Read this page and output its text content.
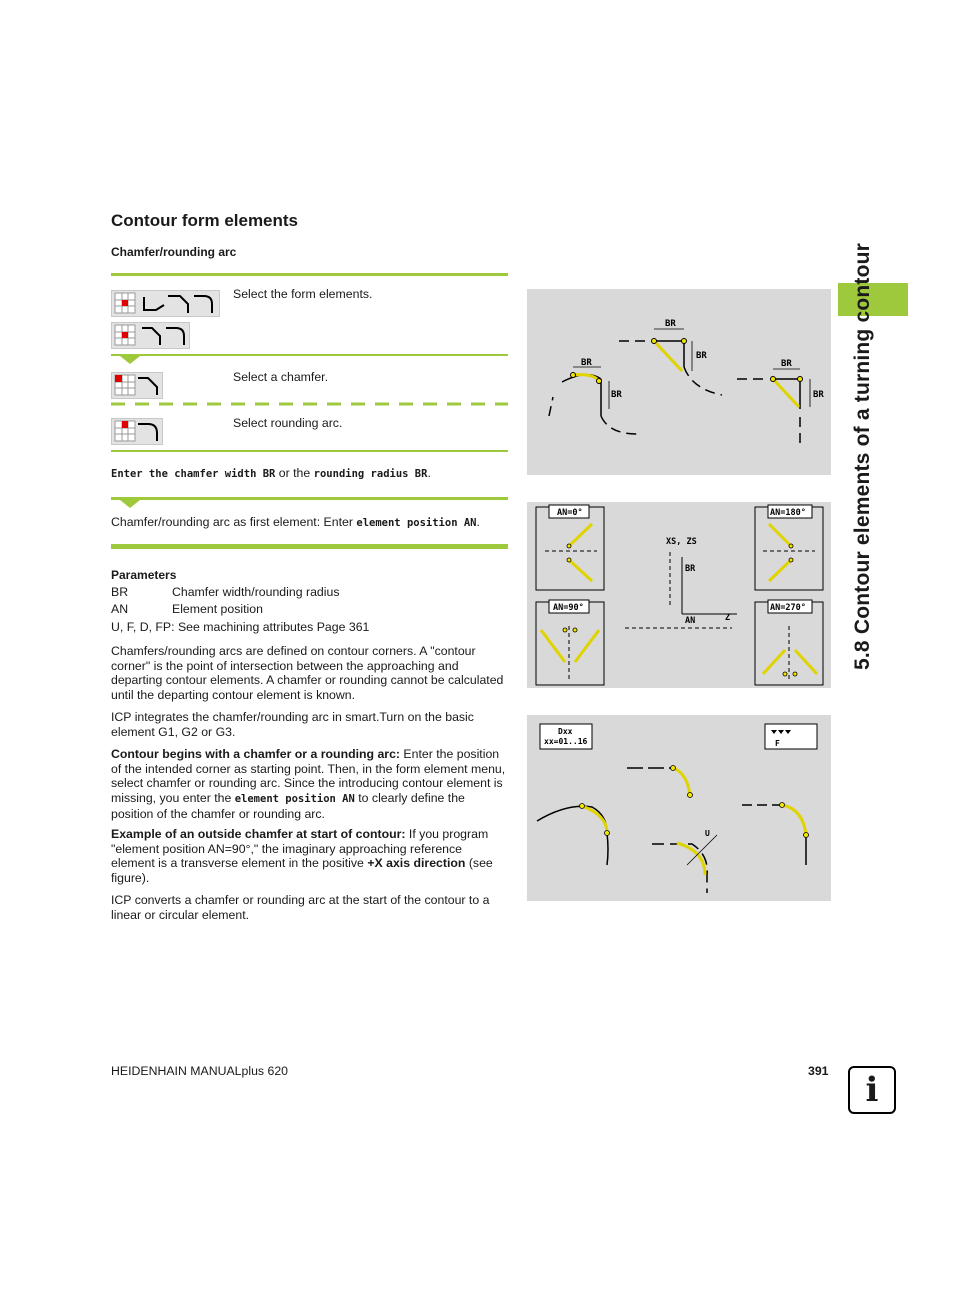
Contour form elements
Chamfer/rounding arc	5.8 Contour elements of a turning contour
Select the form elements.
Select a chamfer.
Select rounding arc.
Enter the chamfer width BR or the rounding radius BR.
Chamfer/rounding arc as first element: Enter element position AN.
Parameters
BR	Chamfer width/rounding radius
AN	Element position
U, F, D, FP: See machining attributes Page 361
Chamfers/rounding arcs are defined on contour corners. A "contour corner" is the point of intersection between the approaching and departing contour elements. A chamfer or rounding cannot be calculated until the departing contour element is known.
ICP integrates the chamfer/rounding arc in smart.Turn on the basic element G1, G2 or G3.
Contour begins with a chamfer or a rounding arc: Enter the position of the intended corner as starting point. Then, in the form element menu, select chamfer or rounding arc. Since the introducing contour element is missing, you enter the element position AN to clearly define the position of the chamfer or rounding arc.
Example of an outside chamfer at start of contour: If you program "element position AN=90°," the imaginary approaching reference element is a transverse element in the positive +X axis direction (see figure).
ICP converts a chamfer or rounding arc at the start of the contour to a linear or circular element.
BR
BR
BR
BR
BR
BR
AN=0°	AN=180°
AN=90°	AN=270°
XS, ZS
BR
AN	Z
Dxx
xx=01..16	F
U
HEIDENHAIN MANUALplus 620	391 i
